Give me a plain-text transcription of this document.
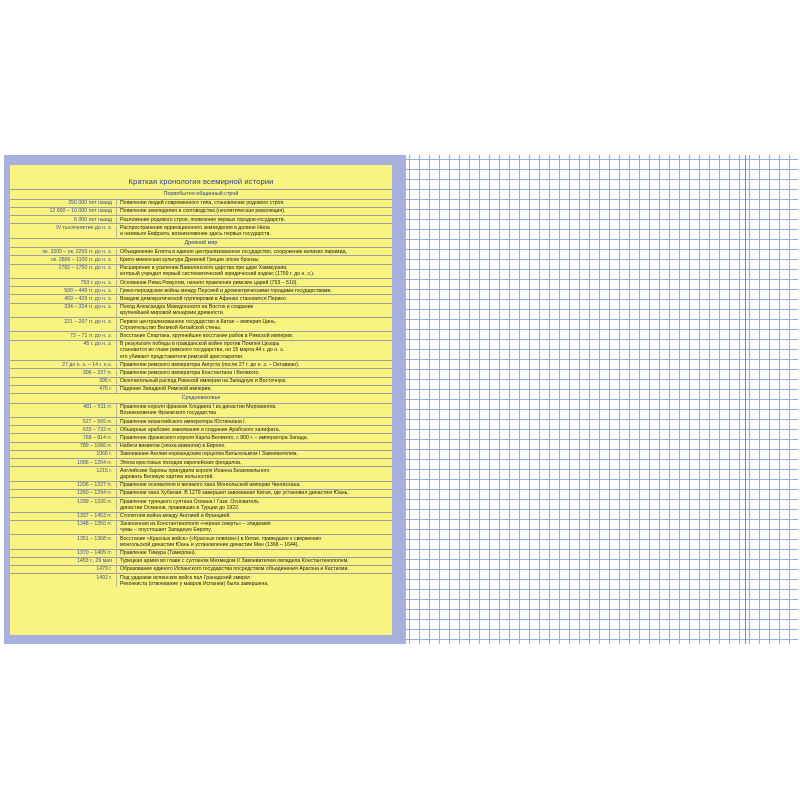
Краткая хронология всемирной истории
Первобытно-общинный строй
250 000 лет назад	Появление людей современного типа, становление родового строя.
12 000 – 10 000 лет назад	Появление земледелия и скотоводства (неолитическая революция).
6 000 лет назад	Разложение родового строя, появление первых городов-государств.
IV тысячелетие до н. э.	Распространение ирригационного земледелия в долине Нила
и низовьях Евфрата, возникновение здесь первых государств.
Древний мир
ок. 3200 – ок. 2250 гг. до н. э.	Объединение Египта в единое централизованное государство, сооружение великих пирамид.
ок. 2800 – 1100 гг. до н. э.	Крито-микенская культура Древней Греции эпохи бронзы.
1792 – 1750 гг. до н. э.	Расширение и усиление Вавилонского царства при царе Хаммурапи,
который учредил первый систематический юридический кодекс (1759 г. до н. э.).
753 г. до н. э.	Основание Рима Ромулом, начало правления римских царей (753 – 510).
500 – 449 гг. до н. э.	Греко-персидские войны между Персией и древнегреческими городами-государствами.
459 – 429 гг. до н. э.	Вождем демократической группировки в Афинах становится Перикл.
334 – 324 гг. до н. э.	Поход Александра Македонского на Восток и создание
крупнейшей мировой монархии древности.
221 – 207 гг. до н. э.	Первое централизованное государство в Китае – империя Цинь.
Строительство Великой Китайской стены.
73 – 71 гг. до н. э.	Восстание Спартака, крупнейшее восстание рабов в Римской империи.
45 г. до н. э.	В результате победы в гражданской войне против Помпея Цезарь
становится во главе римского государства, но 15 марта 44 г. до н. э.
его убивают представители римской аристократии.
27 до н. э. – 14 г. н.э.	Правление римского императора Августа (после 27 г. до н. э. – Октавиан).
306 – 337 гг.	Правление римского императора Константина I Великого.
395 г.	Окончательный распад Римской империи на Западную и Восточную.
476 г.	Падение Западной Римской империи.
Средневековье
481 – 511 гг.	Правление короля франков Хлодвига I из династии Меровингов.
Возникновение Франкского государства
527 – 565 гг.	Правление византийского императора Юстиниана I.
633 – 732 гг.	Обширные арабские завоевания и создание Арабского халифата.
768 – 814 гг.	Правление франкского короля Карла Великого, с 800 г. – императора Запада.
789 – 1066 гг.	Набеги викингов (эпоха викингов) в Европе.
1066 г.	Завоевание Англии нормандским герцогом Вильгельмом I Завоевателем.
1096 – 1204 гг.	Эпоха крестовых походов европейских феодалов.
1215 г.	Английские бароны принудили короля Иоанна Безземельного
даровать Великую хартию вольностей.
1206 – 1227 гг.	Правление основателя и великого хана Монгольской империи Чингисхана.
1260 – 1294 гг.	Правление хана Хубилая. В 1279 завершил завоевание Китая, где установил династию Юань.
1299 – 1326 гг.	Правление турецкого султана Османа I Гази. Основатель
династии Османов, правивших в Турции до 1922.
1337 – 1453 гг.	Столетняя война между Англией и Францией.
1348 – 1350 гг.	Занесенная из Константинополя «черная смерть» – эпидемия
чумы – опустошает Западную Европу.
1351 – 1368 гг.	Восстание «Красных войск» («Красных повязок») в Китае, приведшее к свержению
монгольской династии Юань и установление династии Мин (1368 – 1644).
1370 – 1405 гг.	Правление Тимура (Тамерлан).
1453 г., 29 мая	Турецкая армия во главе с султаном Мехмедом II Завоевателем овладела Константинополем.
1479 г.	Образование единого Испанского государства посредством объединения Арагона и Кастилии.
1492 г.	Под ударами испанских войск пал Гранадский эмират.
Реконкиста (отвоевание у мавров Испании) была завершена.
